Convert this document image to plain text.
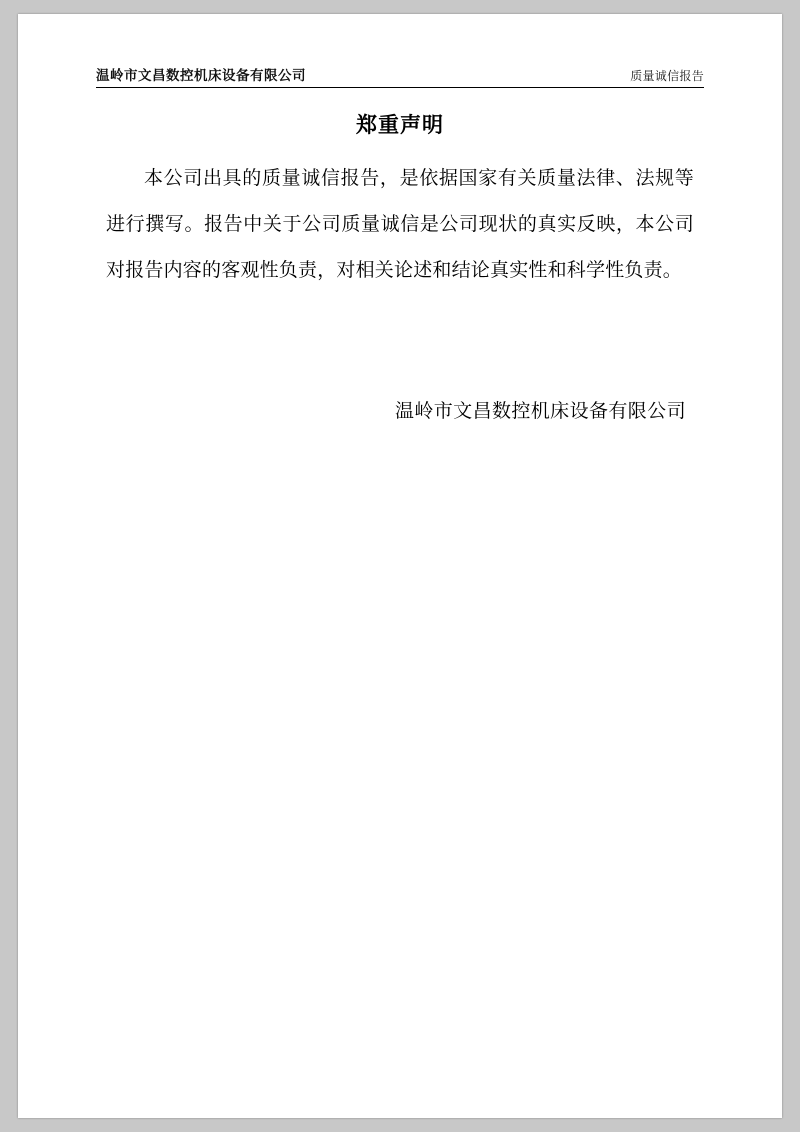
温岭市文昌数控机床设备有限公司	质量诚信报告
郑重声明
本公司出具的质量诚信报告，是依据国家有关质量法律、法规等进行撰写。报告中关于公司质量诚信是公司现状的真实反映，本公司对报告内容的客观性负责，对相关论述和结论真实性和科学性负责。
温岭市文昌数控机床设备有限公司
